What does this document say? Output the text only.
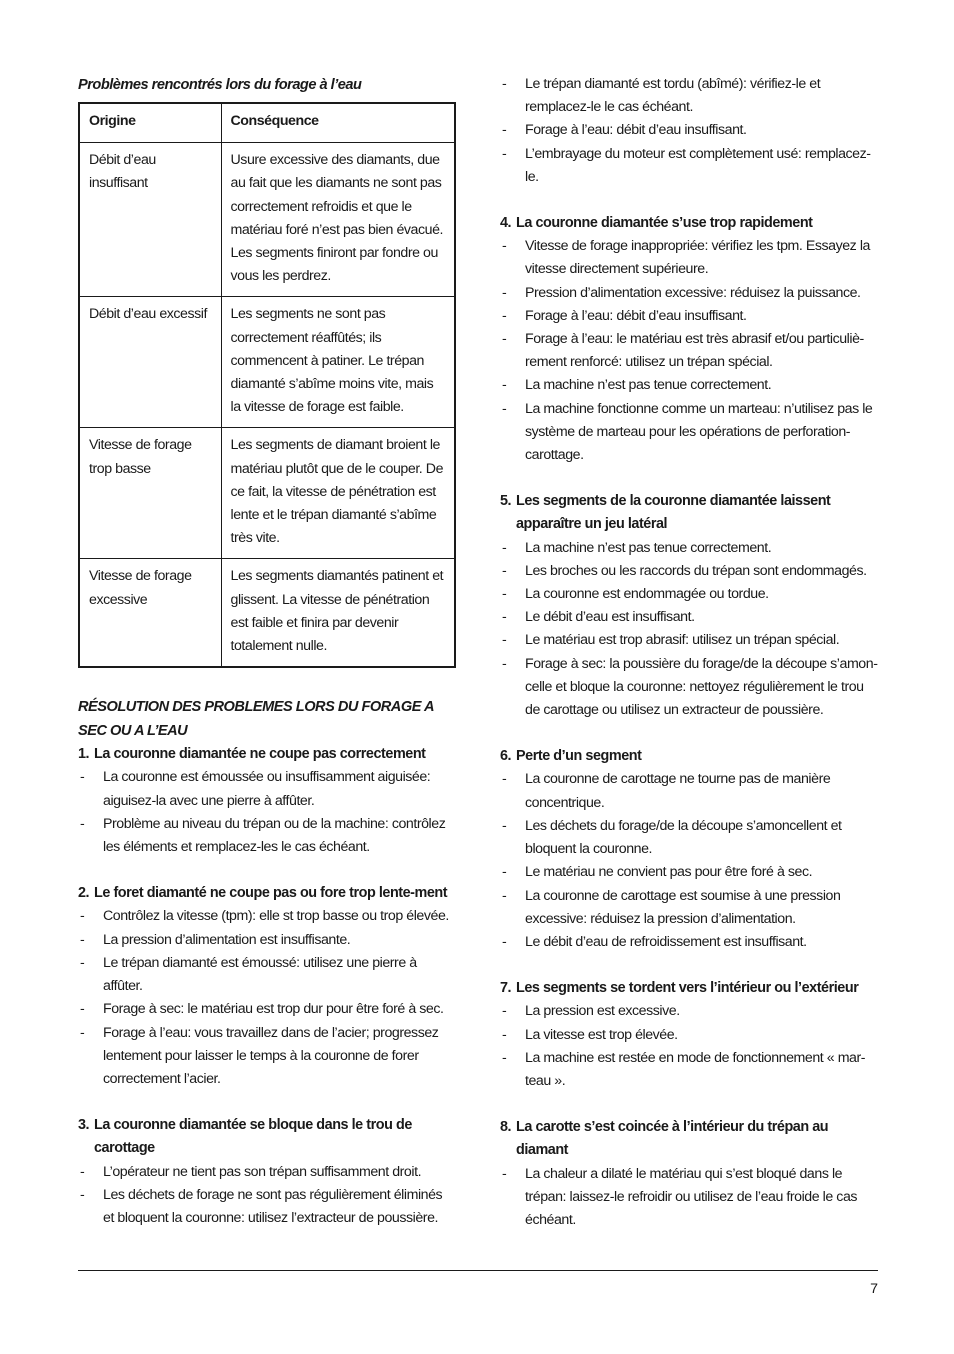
Problèmes rencontrés lors du forage à l’eau
Origine	Conséquence
Débit d’eau insuffisant	Usure excessive des diamants, due au fait que les diamants ne sont pas correctement refroidis et que le matériau foré n’est pas bien évacué. Les segments finiront par fondre ou vous les perdrez.
Débit d’eau excessif	Les segments ne sont pas correctement réaffûtés; ils commencent à patiner. Le trépan diamanté s’abîme moins vite, mais la vitesse de forage est faible.
Vitesse de forage trop basse	Les segments de diamant broient le matériau plutôt que de le couper. De ce fait, la vitesse de pénétration est lente et le trépan diamanté s’abîme très vite.
Vitesse de forage excessive	Les segments diamantés patinent et glissent. La vitesse de pénétration est faible et finira par devenir totalement nulle.
RÉSOLUTION DES PROBLEMES LORS DU FORAGE A SEC OU A L’EAU
1. La couronne diamantée ne coupe pas correctement
-	La couronne est émoussée ou insuffisamment aiguisée: aiguisez-la avec une pierre à affûter.
-	Problème au niveau du trépan ou de la machine: contrôlez les éléments et remplacez-les le cas échéant.
2. Le foret diamanté ne coupe pas ou fore trop lente-ment
-	Contrôlez la vitesse (tpm): elle st trop basse ou trop élevée.
-	La pression d’alimentation est insuffisante.
-	Le trépan diamanté est émoussé: utilisez une pierre à affûter.
-	Forage à sec: le matériau est trop dur pour être foré à sec.
-	Forage à l’eau: vous travaillez dans de l’acier; progressez lentement pour laisser le temps à la couronne de forer correctement l’acier.
3. La couronne diamantée se bloque dans le trou de carottage
-	L’opérateur ne tient pas son trépan suffisamment droit.
-	Les déchets de forage ne sont pas régulièrement éliminés et bloquent la couronne: utilisez l’extracteur de poussière.
-	Le trépan diamanté est tordu (abîmé): vérifiez-le et remplacez-le le cas échéant.
-	Forage à l’eau: débit d’eau insuffisant.
-	L’embrayage du moteur est complètement usé: remplacez-le.
4. La couronne diamantée s’use trop rapidement
-	Vitesse de forage inappropriée: vérifiez les tpm. Essayez la vitesse directement supérieure.
-	Pression d’alimentation excessive: réduisez la puissance.
-	Forage à l’eau: débit d’eau insuffisant.
-	Forage à l’eau: le matériau est très abrasif et/ou particuliè-rement renforcé: utilisez un trépan spécial.
-	La machine n’est pas tenue correctement.
-	La machine fonctionne comme un marteau: n’utilisez pas le système de marteau pour les opérations de perforation-carottage.
5. Les segments de la couronne diamantée laissent apparaître un jeu latéral
-	La machine n’est pas tenue correctement.
-	Les broches ou les raccords du trépan sont endommagés.
-	La couronne est endommagée ou tordue.
-	Le débit d’eau est insuffisant.
-	Le matériau est trop abrasif: utilisez un trépan spécial.
-	Forage à sec: la poussière du forage/de la découpe s’amon-celle et bloque la couronne: nettoyez régulièrement le trou de carottage ou utilisez un extracteur de poussière.
6. Perte d’un segment
-	La couronne de carottage ne tourne pas de manière concentrique.
-	Les déchets du forage/de la découpe s’amoncellent et bloquent la couronne.
-	Le matériau ne convient pas pour être foré à sec.
-	La couronne de carottage est soumise à une pression excessive: réduisez la pression d’alimentation.
-	Le débit d’eau de refroidissement est insuffisant.
7. Les segments se tordent vers l’intérieur ou l’extérieur
-	La pression est excessive.
-	La vitesse est trop élevée.
-	La machine est restée en mode de fonctionnement « mar-teau ».
8. La carotte s’est coincée à l’intérieur du trépan au diamant
-	La chaleur a dilaté le matériau qui s’est bloqué dans le trépan: laissez-le refroidir ou utilisez de l’eau froide le cas échéant.
7
